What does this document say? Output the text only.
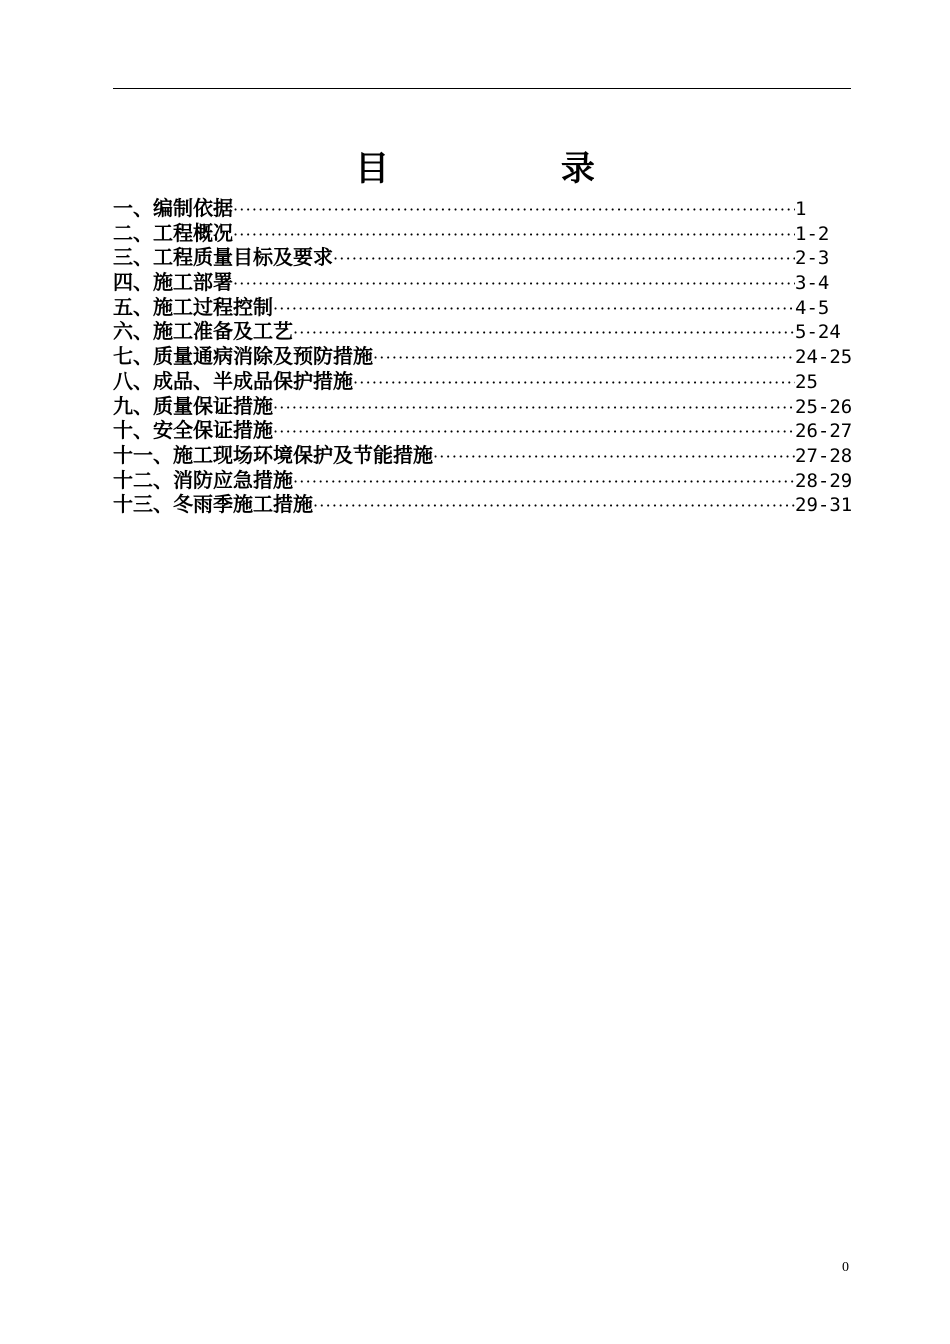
目 录
一、编制依据 ·····	1
二、工程概况 ·····	1-2
三、工程质量目标及要求 ·····	2-3
四、施工部署 ·····	3-4
五、施工过程控制 ·····	4-5
六、施工准备及工艺 ·····	5-24
七、质量通病消除及预防措施 ·····	24-25
八、成品、半成品保护措施 ·····	25
九、质量保证措施 ·····	25-26
十、安全保证措施 ·····	26-27
十一、施工现场环境保护及节能措施 ·····	27-28
十二、消防应急措施 ·····	28-29
十三、冬雨季施工措施 ·····	29-31
0
